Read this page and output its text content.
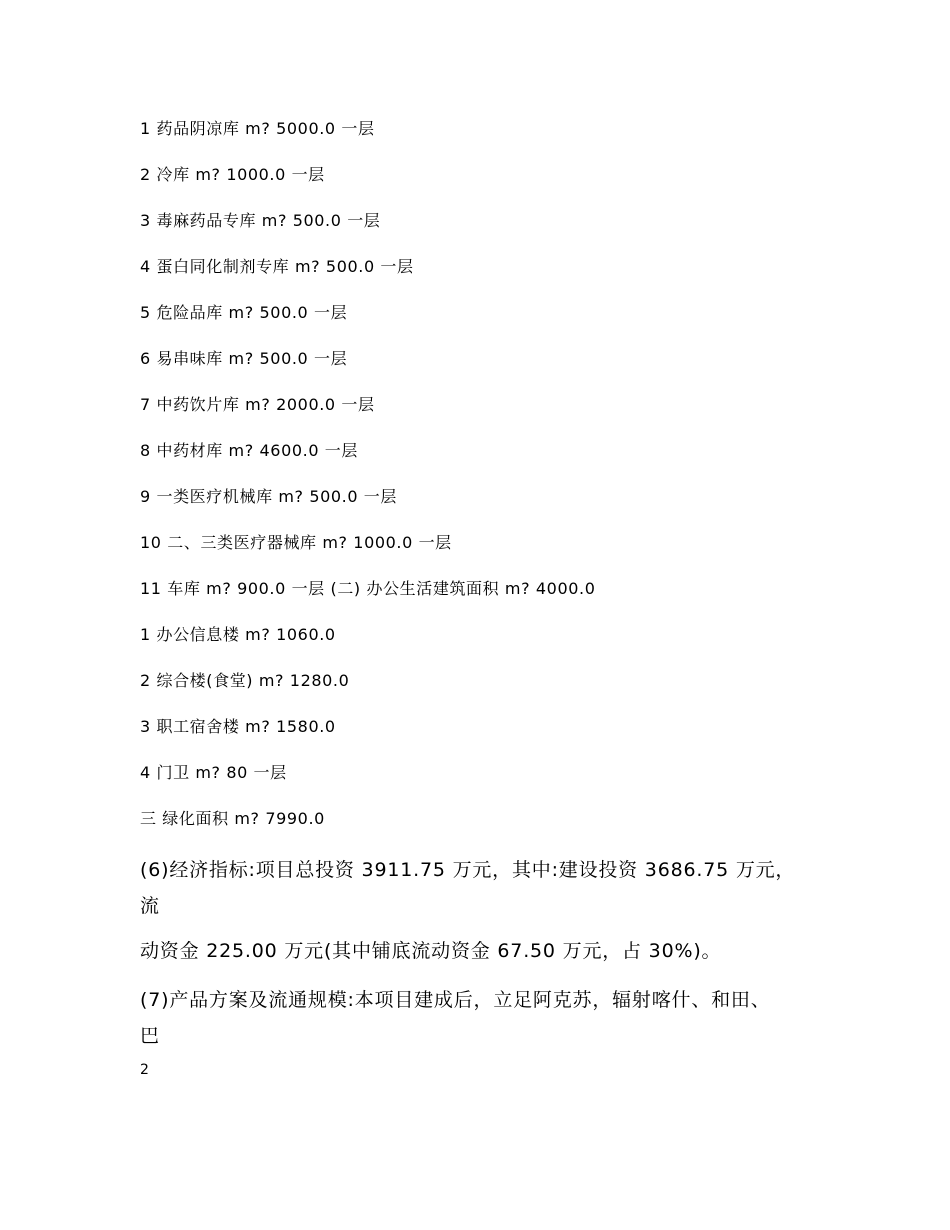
1 药品阴凉库 m? 5000.0 一层
2 冷库 m? 1000.0 一层
3 毒麻药品专库 m? 500.0 一层
4 蛋白同化制剂专库 m? 500.0 一层
5 危险品库 m? 500.0 一层
6 易串味库 m? 500.0 一层
7 中药饮片库 m? 2000.0 一层
8 中药材库 m? 4600.0 一层
9 一类医疗机械库 m? 500.0 一层
10 二、三类医疗器械库 m? 1000.0 一层
11 车库 m? 900.0 一层 (二) 办公生活建筑面积 m? 4000.0
1 办公信息楼 m? 1060.0
2 综合楼(食堂) m? 1280.0
3 职工宿舍楼 m? 1580.0
4 门卫 m? 80 一层
三 绿化面积 m? 7990.0
(6)经济指标:项目总投资 3911.75 万元，其中:建设投资 3686.75 万元，
流
动资金 225.00 万元(其中铺底流动资金 67.50 万元，占 30%)。
(7)产品方案及流通规模:本项目建成后，立足阿克苏，辐射喀什、和田、
巴
2
